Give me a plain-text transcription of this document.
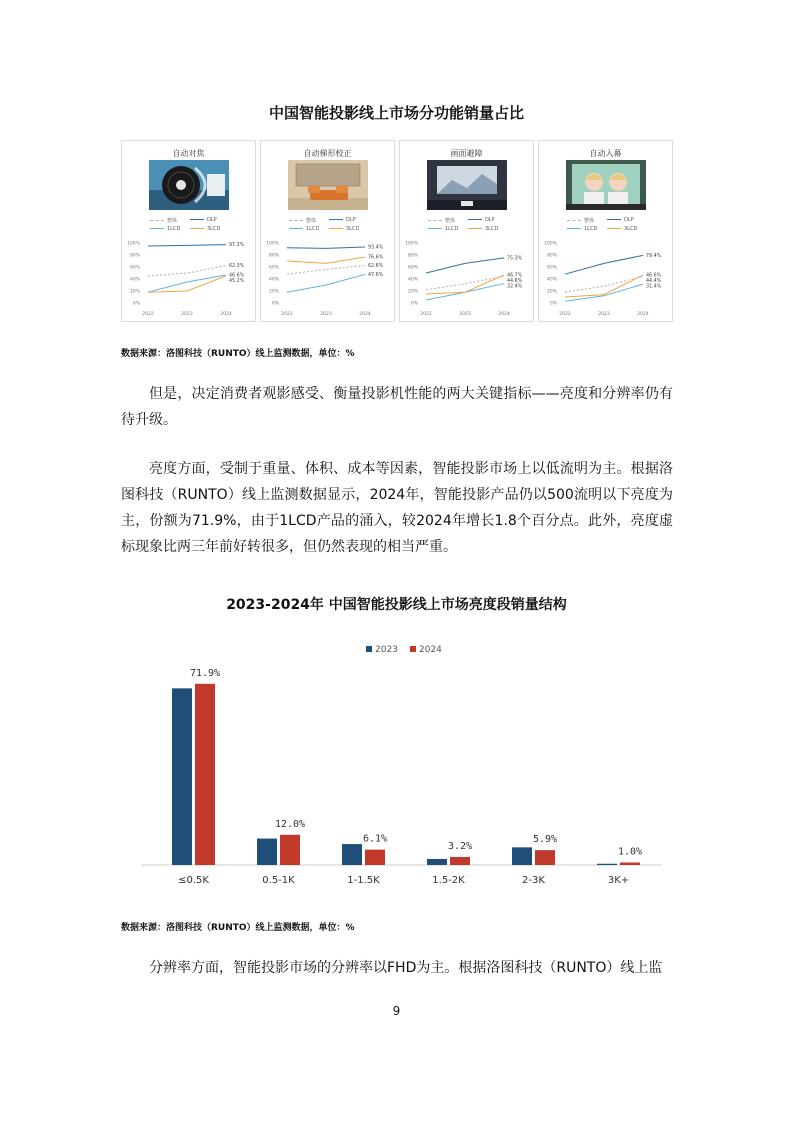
中国智能投影线上市场分功能销量占比
自动对焦
整体	DLP
1LCD	3LCD
0%
20%
40%
60%
80%
100%
2022	2023	2024
97.3%
62.3%
46.6%
45.2%
自动梯形校正
整体	DLP
1LCD	3LCD
0%
20%
40%
60%
80%
100%
2022	2023	2024
93.4%
76.6%
62.6%
47.6%
画面避障
整体	DLP
1LCD	3LCD
0%
20%
40%
60%
80%
100%
2022	2023	2024
75.3%
46.7%
44.6%
32.4%
自动入幕
整体	DLP
1LCD	3LCD
0%
20%
40%
60%
80%
100%
2022	2023	2024
79.4%
46.6%
44.4%
31.4%
数据来源：洛图科技（RUNTO）线上监测数据，单位：%
但是，决定消费者观影感受、衡量投影机性能的两大关键指标——亮度和分辨率仍有待升级。
亮度方面，受制于重量、体积、成本等因素，智能投影市场上以低流明为主。根据洛图科技（RUNTO）线上监测数据显示，2024年，智能投影产品仍以500流明以下亮度为主，份额为71.9%，由于1LCD产品的涌入，较2024年增长1.8个百分点。此外，亮度虚标现象比两三年前好转很多，但仍然表现的相当严重。
2023-2024年 中国智能投影线上市场亮度段销量结构
2023 2024
71.9%
≤0.5K
12.0%
0.5-1K
6.1%
1-1.5K
3.2%
1.5-2K
5.9%
2-3K
1.0%
3K+
数据来源：洛图科技（RUNTO）线上监测数据，单位：%
分辨率方面，智能投影市场的分辨率以FHD为主。根据洛图科技（RUNTO）线上监
9
